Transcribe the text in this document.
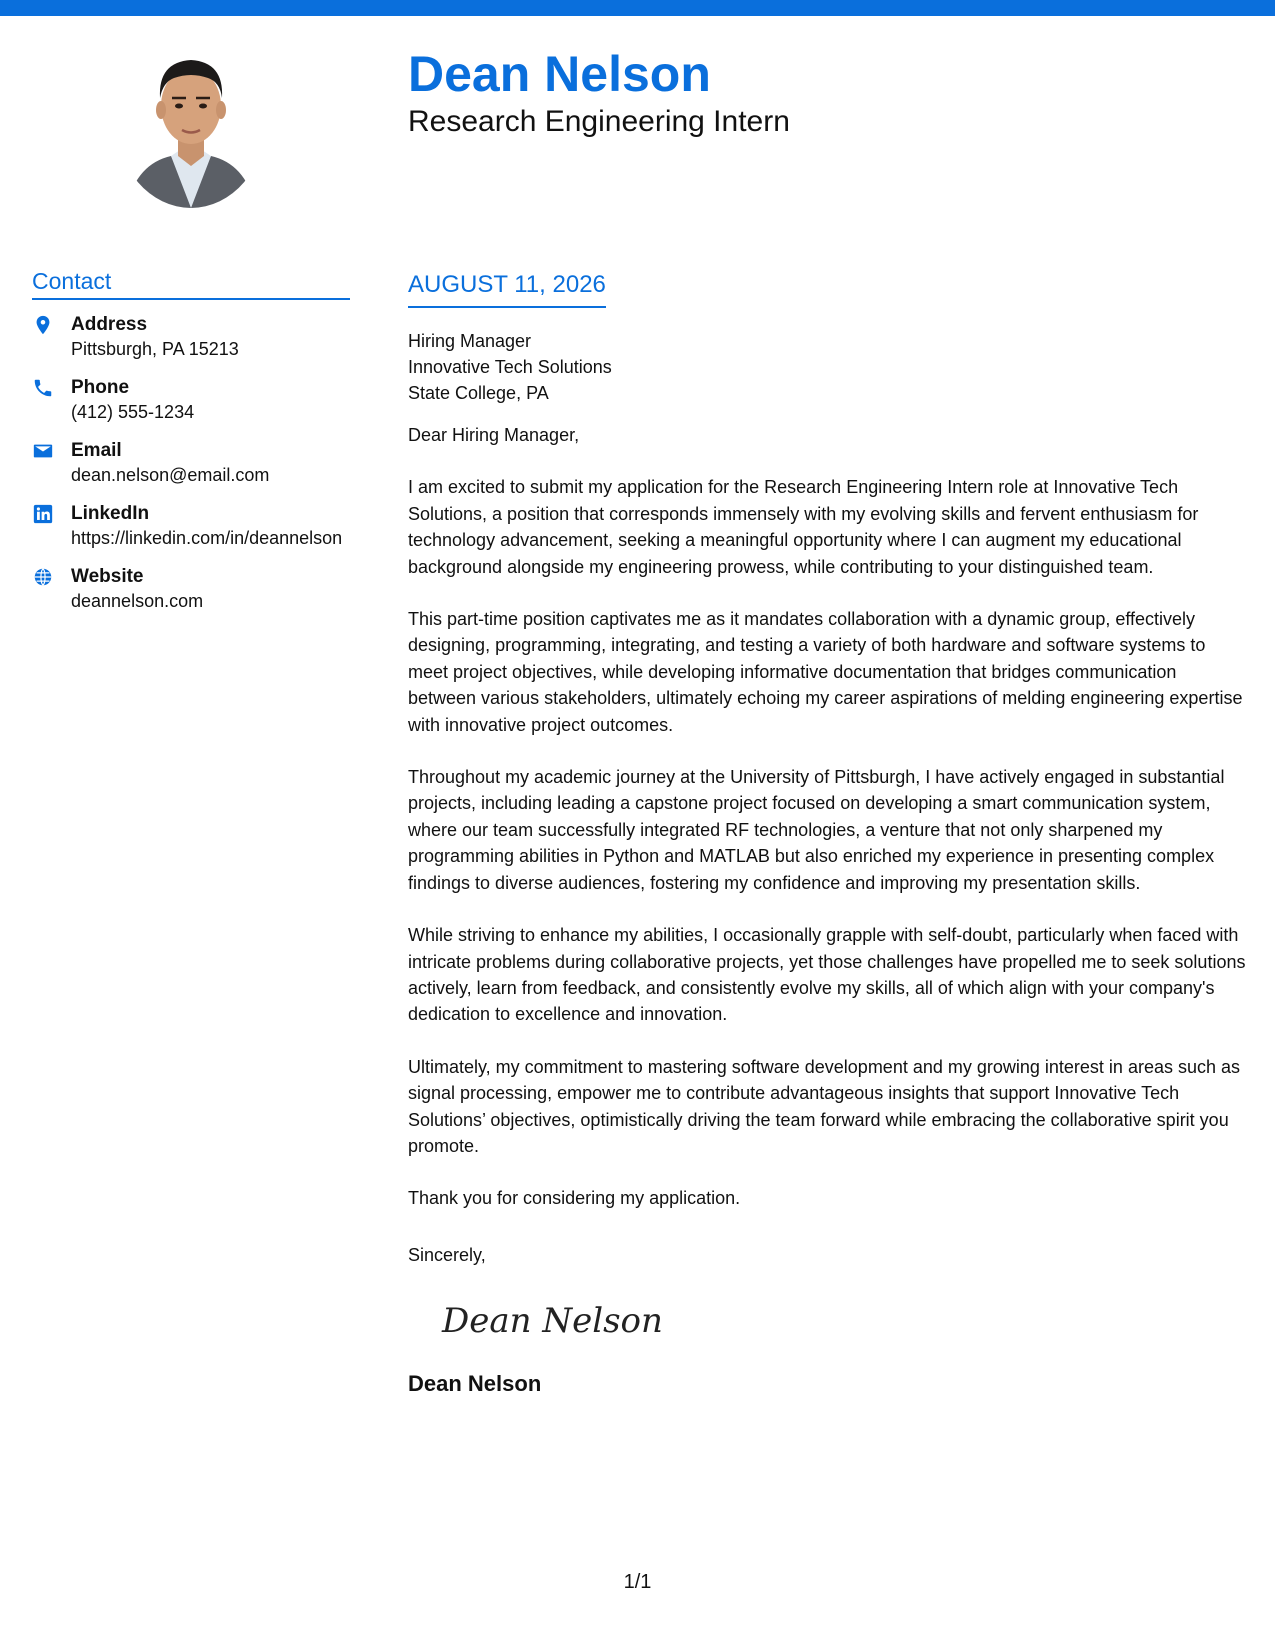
Dean Nelson
Research Engineering Intern
Contact
Address
Pittsburgh, PA 15213
Phone
(412) 555-1234
Email
dean.nelson@email.com
LinkedIn
https://linkedin.com/in/deannelson
Website
deannelson.com
AUGUST 11, 2026
Hiring Manager
Innovative Tech Solutions
State College, PA

Dear Hiring Manager,

I am excited to submit my application for the Research Engineering Intern role at Innovative Tech Solutions, a position that corresponds immensely with my evolving skills and fervent enthusiasm for technology advancement, seeking a meaningful opportunity where I can augment my educational background alongside my engineering prowess, while contributing to your distinguished team.

This part-time position captivates me as it mandates collaboration with a dynamic group, effectively designing, programming, integrating, and testing a variety of both hardware and software systems to meet project objectives, while developing informative documentation that bridges communication between various stakeholders, ultimately echoing my career aspirations of melding engineering expertise with innovative project outcomes.

Throughout my academic journey at the University of Pittsburgh, I have actively engaged in substantial projects, including leading a capstone project focused on developing a smart communication system, where our team successfully integrated RF technologies, a venture that not only sharpened my programming abilities in Python and MATLAB but also enriched my experience in presenting complex findings to diverse audiences, fostering my confidence and improving my presentation skills.

While striving to enhance my abilities, I occasionally grapple with self-doubt, particularly when faced with intricate problems during collaborative projects, yet those challenges have propelled me to seek solutions actively, learn from feedback, and consistently evolve my skills, all of which align with your company's dedication to excellence and innovation.

Ultimately, my commitment to mastering software development and my growing interest in areas such as signal processing, empower me to contribute advantageous insights that support Innovative Tech Solutions’ objectives, optimistically driving the team forward while embracing the collaborative spirit you promote.

Thank you for considering my application.

Sincerely,
Dean Nelson
Dean Nelson
1/1
